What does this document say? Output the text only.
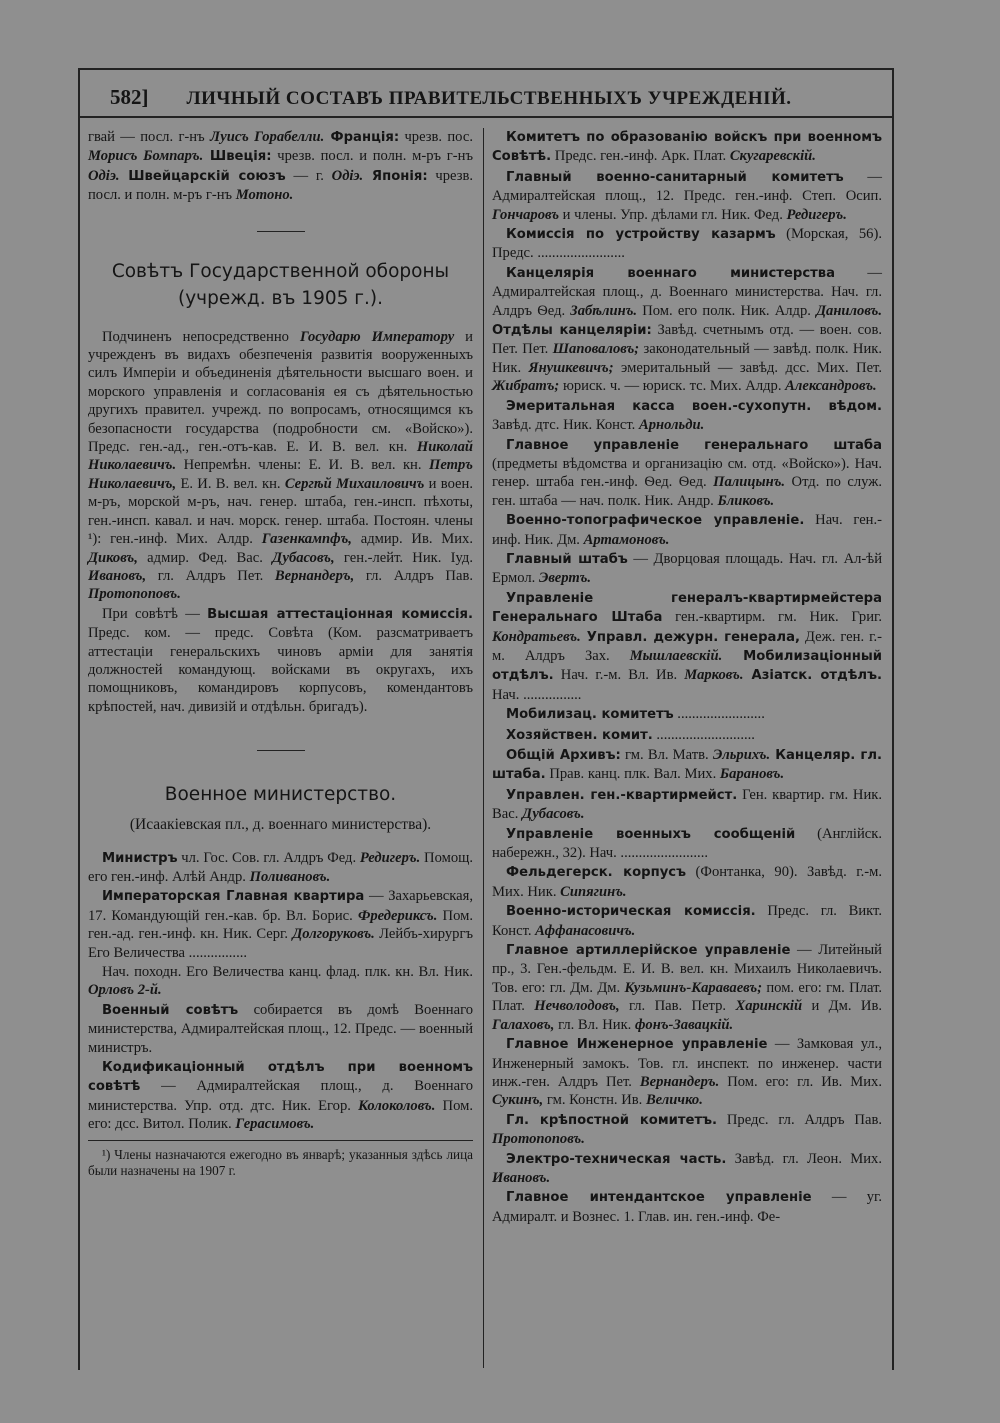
582] ЛИЧНЫЙ СОСТАВЪ ПРАВИТЕЛЬСТВЕННЫХЪ УЧРЕЖДЕНІЙ.

гвай — посл. г-нъ Луисъ Горабелли. Франція: чрезв. пос. Морисъ Бомпаръ. Швеція: чрезв. посл. и полн. м-ръ г-нъ Одіэ. Швейцарскій союзъ — г. Одіэ. Японія: чрезв. посл. и полн. м-ръ г-нъ Мотоно.

Совѣтъ Государственной обороны

(учрежд. въ 1905 г.).

Подчиненъ непосредственно Государю Императору и учрежденъ въ видахъ обезпеченія развитія вооруженныхъ силъ Имперіи и объединенія дѣятельности высшаго воен. и морского управленія и согласованія ея съ дѣятельностью другихъ правител. учрежд. по вопросамъ, относящимся къ безопасности государства (подробности см. «Войско»). Предс. ген.-ад., ген.-отъ-кав. Е. И. В. вел. кн. Николай Николаевичъ. Непремѣн. члены: Е. И. В. вел. кн. Петръ Николаевичъ, Е. И. В. вел. кн. Сергѣй Михаиловичъ и воен. м-ръ, морской м-ръ, нач. генер. штаба, ген.-инсп. пѣхоты, ген.-инсп. кавал. и нач. морск. генер. штаба. Постоян. члены ¹): ген.-инф. Мих. Алдр. Газенкампфъ, адмир. Ив. Мих. Диковъ, адмир. Фед. Вас. Дубасовъ, ген.-лейт. Ник. Іуд. Ивановъ, гл. Алдръ Пет. Вернандеръ, гл. Алдръ Пав. Протопоповъ.

При совѣтѣ — Высшая аттестаціонная комиссія. Предс. ком. — предс. Совѣта (Ком. разсматриваетъ аттестаціи генеральскихъ чиновъ арміи для занятія должностей командующ. войсками въ округахъ, ихъ помощниковъ, командировъ корпусовъ, комендантовъ крѣпостей, нач. дивизій и отдѣльн. бригадъ).

Военное министерство.

(Исаакіевская пл., д. военнаго министерства).

Министръ чл. Гос. Сов. гл. Алдръ Фед. Редигеръ. Помощ. его ген.-инф. Алѣй Андр. Поливановъ.

Императорская Главная квартира — Захарьевская, 17. Командующій ген.-кав. бр. Вл. Борис. Фредериксъ. Пом. ген.-ад. ген.-инф. кн. Ник. Серг. Долгоруковъ. Лейбъ-хирургъ Его Величества ................

Нач. походн. Его Величества канц. флад. плк. кн. Вл. Ник. Орловъ 2-й.

Военный совѣтъ собирается въ домѣ Военнаго министерства, Адмиралтейская площ., 12. Предс. — военный министръ.

Кодификаціонный отдѣлъ при военномъ совѣтѣ — Адмиралтейская площ., д. Военнаго министерства. Упр. отд. дтс. Ник. Егор. Колоколовъ. Пом. его: дсс. Витол. Полик. Герасимовъ.

¹) Члены назначаются ежегодно въ январѣ; указанныя здѣсь лица были назначены на 1907 г.

Комитетъ по образованію войскъ при военномъ Совѣтѣ. Предс. ген.-инф. Арк. Плат. Скугаревскій.

Главный военно-санитарный комитетъ — Адмиралтейская площ., 12. Предс. ген.-инф. Степ. Осип. Гончаровъ и члены. Упр. дѣлами гл. Ник. Фед. Редигеръ.

Комиссія по устройству казармъ (Морская, 56). Предс. ........................

Канцелярія военнаго министерства — Адмиралтейская площ., д. Военнаго министерства. Нач. гл. Алдръ Ѳед. Забѣлинъ. Пом. его полк. Ник. Алдр. Даниловъ. Отдѣлы канцеляріи: Завѣд. счетнымъ отд. — воен. сов. Пет. Пет. Шаповаловъ; законодательный — завѣд. полк. Ник. Ник. Янушкевичъ; эмеритальный — завѣд. дсс. Мих. Пет. Жибратъ; юриск. ч. — юриск. тс. Мих. Алдр. Александровъ.

Эмеритальная касса воен.-сухопутн. вѣдом. Завѣд. дтс. Ник. Конст. Арнольди.

Главное управленіе генеральнаго штаба (предметы вѣдомства и организацію см. отд. «Войско»). Нач. генер. штаба ген.-инф. Ѳед. Ѳед. Палицынъ. Отд. по служ. ген. штаба — нач. полк. Ник. Андр. Бликовъ.

Военно-топографическое управленіе. Нач. ген.-инф. Ник. Дм. Артамоновъ.

Главный штабъ — Дворцовая площадь. Нач. гл. Ал-ѣй Ермол. Эвертъ.

Управленіе генералъ-квартирмейстера Генеральнаго Штаба ген.-квартирм. гм. Ник. Григ. Кондратьевъ. Управл. дежурн. генерала, Деж. ген. г.-м. Алдръ Зах. Мышлаевскій. Мобилизаціонный отдѣлъ. Нач. г.-м. Вл. Ив. Марковъ. Азіатск. отдѣлъ. Нач. ................

Мобилизац. комитетъ ........................

Хозяйствен. комит. ...........................

Общій Архивъ: гм. Вл. Матв. Эльрихъ. Канцеляр. гл. штаба. Прав. канц. плк. Вал. Мих. Барановъ.

Управлен. ген.-квартирмейст. Ген. квартир. гм. Ник. Вас. Дубасовъ.

Управленіе военныхъ сообщеній (Англійск. набережн., 32). Нач. ........................

Фельдегерск. корпусъ (Фонтанка, 90). Завѣд. г.-м. Мих. Ник. Сипягинъ.

Военно-историческая комиссія. Предс. гл. Викт. Конст. Аффанасовичъ.

Главное артиллерійское управленіе — Литейный пр., 3. Ген.-фельдм. Е. И. В. вел. кн. Михаилъ Николаевичъ. Тов. его: гл. Дм. Дм. Кузьминъ-Караваевъ; пом. его: гм. Плат. Плат. Нечволодовъ, гл. Пав. Петр. Харинскій и Дм. Ив. Галаховъ, гл. Вл. Ник. фонъ-Завацкій.

Главное Инженерное управленіе — Замковая ул., Инженерный замокъ. Тов. гл. инспект. по инженер. части инж.-ген. Алдръ Пет. Вернандеръ. Пом. его: гл. Ив. Мих. Сукинъ, гм. Констн. Ив. Величко.

Гл. крѣпостной комитетъ. Предс. гл. Алдръ Пав. Протопоповъ.

Электро-техническая часть. Завѣд. гл. Леон. Мих. Ивановъ.

Главное интендантское управленіе — уг. Адмиралт. и Вознес. 1. Глав. ин. ген.-инф. Фе-
